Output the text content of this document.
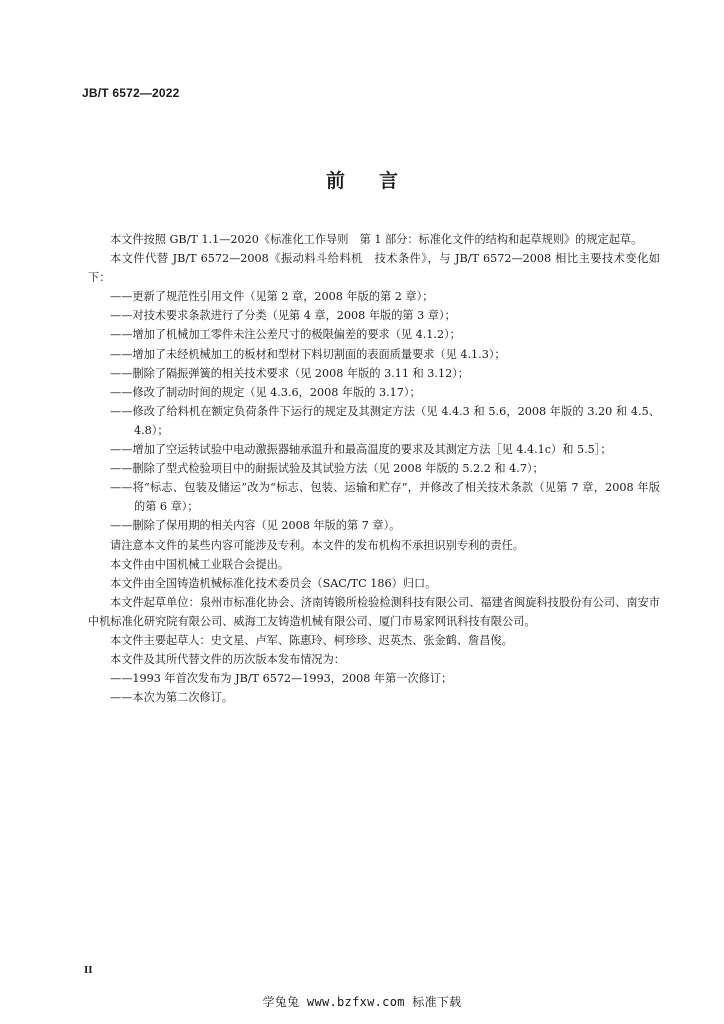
JB/T 6572—2022
前言

本文件按照 GB/T 1.1—2020《标准化工作导则　第 1 部分：标准化文件的结构和起草规则》的规定起草。

本文件代替 JB/T 6572—2008《振动料斗给料机　技术条件》，与 JB/T 6572—2008 相比主要技术变化如下：

——更新了规范性引用文件（见第 2 章，2008 年版的第 2 章）；

——对技术要求条款进行了分类（见第 4 章，2008 年版的第 3 章）；

——增加了机械加工零件未注公差尺寸的极限偏差的要求（见 4.1.2）；

——增加了未经机械加工的板材和型材下料切割面的表面质量要求（见 4.1.3）；

——删除了隔振弹簧的相关技术要求（见 2008 年版的 3.11 和 3.12）；

——修改了制动时间的规定（见 4.3.6，2008 年版的 3.17）；

——修改了给料机在额定负荷条件下运行的规定及其测定方法（见 4.4.3 和 5.6，2008 年版的 3.20 和 4.5、4.8）；

——增加了空运转试验中电动激振器轴承温升和最高温度的要求及其测定方法［见 4.4.1c）和 5.5］；

——删除了型式检验项目中的耐振试验及其试验方法（见 2008 年版的 5.2.2 和 4.7）；

——将“标志、包装及储运”改为“标志、包装、运输和贮存”，并修改了相关技术条款（见第 7 章，2008 年版的第 6 章）；

——删除了保用期的相关内容（见 2008 年版的第 7 章）。

请注意本文件的某些内容可能涉及专利。本文件的发布机构不承担识别专利的责任。

本文件由中国机械工业联合会提出。

本文件由全国铸造机械标准化技术委员会（SAC/TC 186）归口。

本文件起草单位：泉州市标准化协会、济南铸锻所检验检测科技有限公司、福建省闽旋科技股份有公司、南安市中机标准化研究院有限公司、威海工友铸造机械有限公司、厦门市易家网讯科技有限公司。

本文件主要起草人：史文星、卢军、陈惠玲、柯珍珍、迟英杰、张金鹤、詹昌俊。

本文件及其所代替文件的历次版本发布情况为：

——1993 年首次发布为 JB/T 6572—1993，2008 年第一次修订；

——本次为第二次修订。

II
学兔兔 www.bzfxw.com 标准下载
